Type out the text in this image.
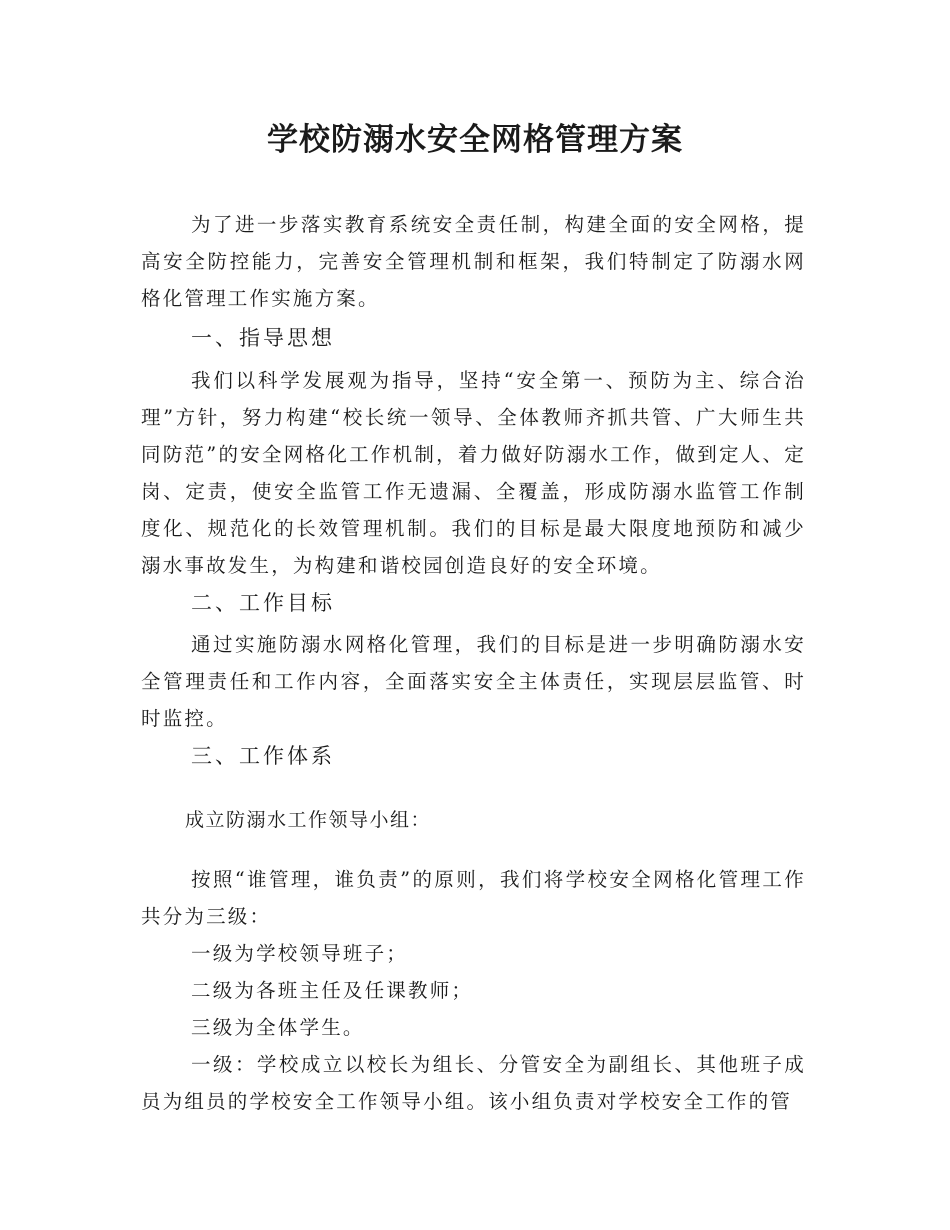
学校防溺水安全网格管理方案
为了进一步落实教育系统安全责任制，构建全面的安全网格，提高安全防控能力，完善安全管理机制和框架，我们特制定了防溺水网格化管理工作实施方案。
一、指导思想
我们以科学发展观为指导，坚持“安全第一、预防为主、综合治理”方针，努力构建“校长统一领导、全体教师齐抓共管、广大师生共同防范”的安全网格化工作机制，着力做好防溺水工作，做到定人、定岗、定责，使安全监管工作无遗漏、全覆盖，形成防溺水监管工作制度化、规范化的长效管理机制。我们的目标是最大限度地预防和减少溺水事故发生，为构建和谐校园创造良好的安全环境。
二、工作目标
通过实施防溺水网格化管理，我们的目标是进一步明确防溺水安全管理责任和工作内容，全面落实安全主体责任，实现层层监管、时时监控。
三、工作体系
成立防溺水工作领导小组：
按照“谁管理，谁负责”的原则，我们将学校安全网格化管理工作共分为三级：
一级为学校领导班子；
二级为各班主任及任课教师；
三级为全体学生。
一级：学校成立以校长为组长、分管安全为副组长、其他班子成员为组员的学校安全工作领导小组。该小组负责对学校安全工作的管
